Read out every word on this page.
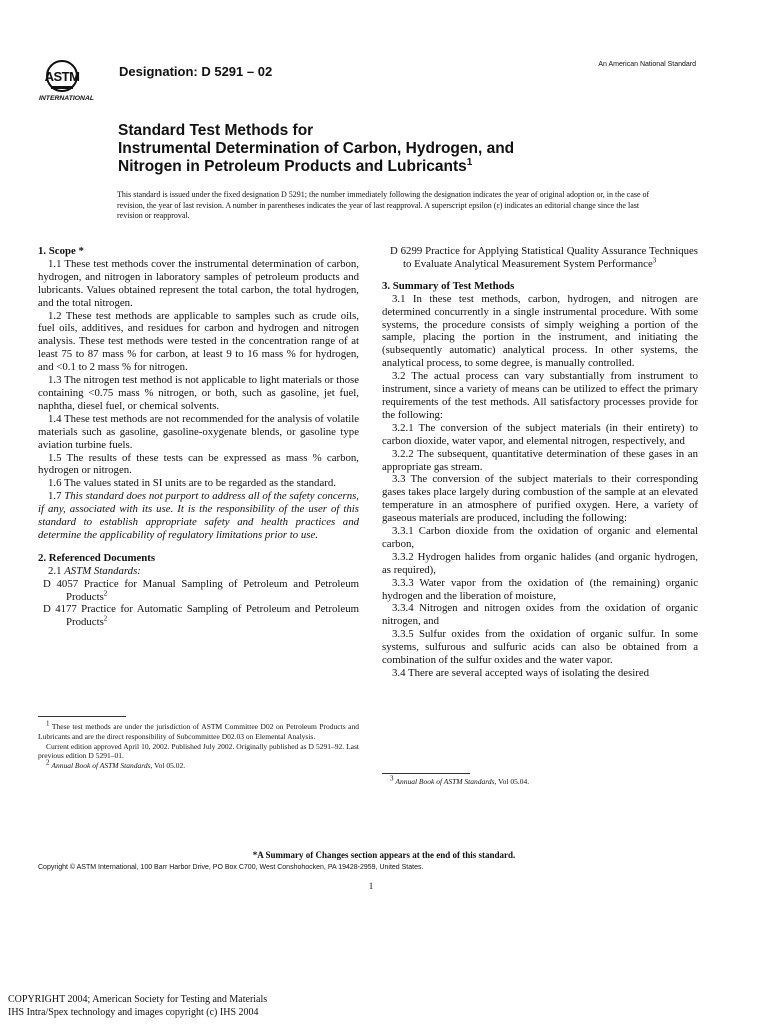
ASTM
INTERNATIONAL
Designation: D 5291 – 02	An American National Standard
Standard Test Methods for
Instrumental Determination of Carbon, Hydrogen, and
Nitrogen in Petroleum Products and Lubricants$^1$
This standard is issued under the fixed designation D 5291; the number immediately following the designation indicates the year of original adoption or, in the case of revision, the year of last revision. A number in parentheses indicates the year of last reapproval. A superscript epsilon (ε) indicates an editorial change since the last revision or reapproval.
1. Scope *

1.1 These test methods cover the instrumental determination of carbon, hydrogen, and nitrogen in laboratory samples of petroleum products and lubricants. Values obtained represent the total carbon, the total hydrogen, and the total nitrogen.

1.2 These test methods are applicable to samples such as crude oils, fuel oils, additives, and residues for carbon and hydrogen and nitrogen analysis. These test methods were tested in the concentration range of at least 75 to 87 mass % for carbon, at least 9 to 16 mass % for hydrogen, and <0.1 to 2 mass % for nitrogen.

1.3 The nitrogen test method is not applicable to light materials or those containing <0.75 mass % nitrogen, or both, such as gasoline, jet fuel, naphtha, diesel fuel, or chemical solvents.

1.4 These test methods are not recommended for the analysis of volatile materials such as gasoline, gasoline-oxygenate blends, or gasoline type aviation turbine fuels.

1.5 The results of these tests can be expressed as mass % carbon, hydrogen or nitrogen.

1.6 The values stated in SI units are to be regarded as the standard.

1.7 This standard does not purport to address all of the safety concerns, if any, associated with its use. It is the responsibility of the user of this standard to establish appropriate safety and health practices and determine the applicability of regulatory limitations prior to use.

2. Referenced Documents

2.1 ASTM Standards:

D 4057 Practice for Manual Sampling of Petroleum and Petroleum Products$^2$

D 4177 Practice for Automatic Sampling of Petroleum and Petroleum Products$^2$

D 6299 Practice for Applying Statistical Quality Assurance Techniques to Evaluate Analytical Measurement System Performance$^3$

3. Summary of Test Methods

3.1 In these test methods, carbon, hydrogen, and nitrogen are determined concurrently in a single instrumental procedure. With some systems, the procedure consists of simply weighing a portion of the sample, placing the portion in the instrument, and initiating the (subsequently automatic) analytical process. In other systems, the analytical process, to some degree, is manually controlled.

3.2 The actual process can vary substantially from instrument to instrument, since a variety of means can be utilized to effect the primary requirements of the test methods. All satisfactory processes provide for the following:

3.2.1 The conversion of the subject materials (in their entirety) to carbon dioxide, water vapor, and elemental nitrogen, respectively, and

3.2.2 The subsequent, quantitative determination of these gases in an appropriate gas stream.

3.3 The conversion of the subject materials to their corresponding gases takes place largely during combustion of the sample at an elevated temperature in an atmosphere of purified oxygen. Here, a variety of gaseous materials are produced, including the following:

3.3.1 Carbon dioxide from the oxidation of organic and elemental carbon,

3.3.2 Hydrogen halides from organic halides (and organic hydrogen, as required),

3.3.3 Water vapor from the oxidation of (the remaining) organic hydrogen and the liberation of moisture,

3.3.4 Nitrogen and nitrogen oxides from the oxidation of organic nitrogen, and

3.3.5 Sulfur oxides from the oxidation of organic sulfur. In some systems, sulfurous and sulfuric acids can also be obtained from a combination of the sulfur oxides and the water vapor.

3.4 There are several accepted ways of isolating the desired

$^1$ These test methods are under the jurisdiction of ASTM Committee D02 on Petroleum Products and Lubricants and are the direct responsibility of Subcommittee D02.03 on Elemental Analysis.

Current edition approved April 10, 2002. Published July 2002. Originally published as D 5291–92. Last previous edition D 5291–01.

$^2$ Annual Book of ASTM Standards, Vol 05.02.

$^3$ Annual Book of ASTM Standards, Vol 05.04.

*A Summary of Changes section appears at the end of this standard.
Copyright © ASTM International, 100 Barr Harbor Drive, PO Box C700, West Conshohocken, PA 19428-2959, United States.
1
COPYRIGHT 2004; American Society for Testing and Materials
IHS Intra/Spex technology and images copyright (c) IHS 2004
